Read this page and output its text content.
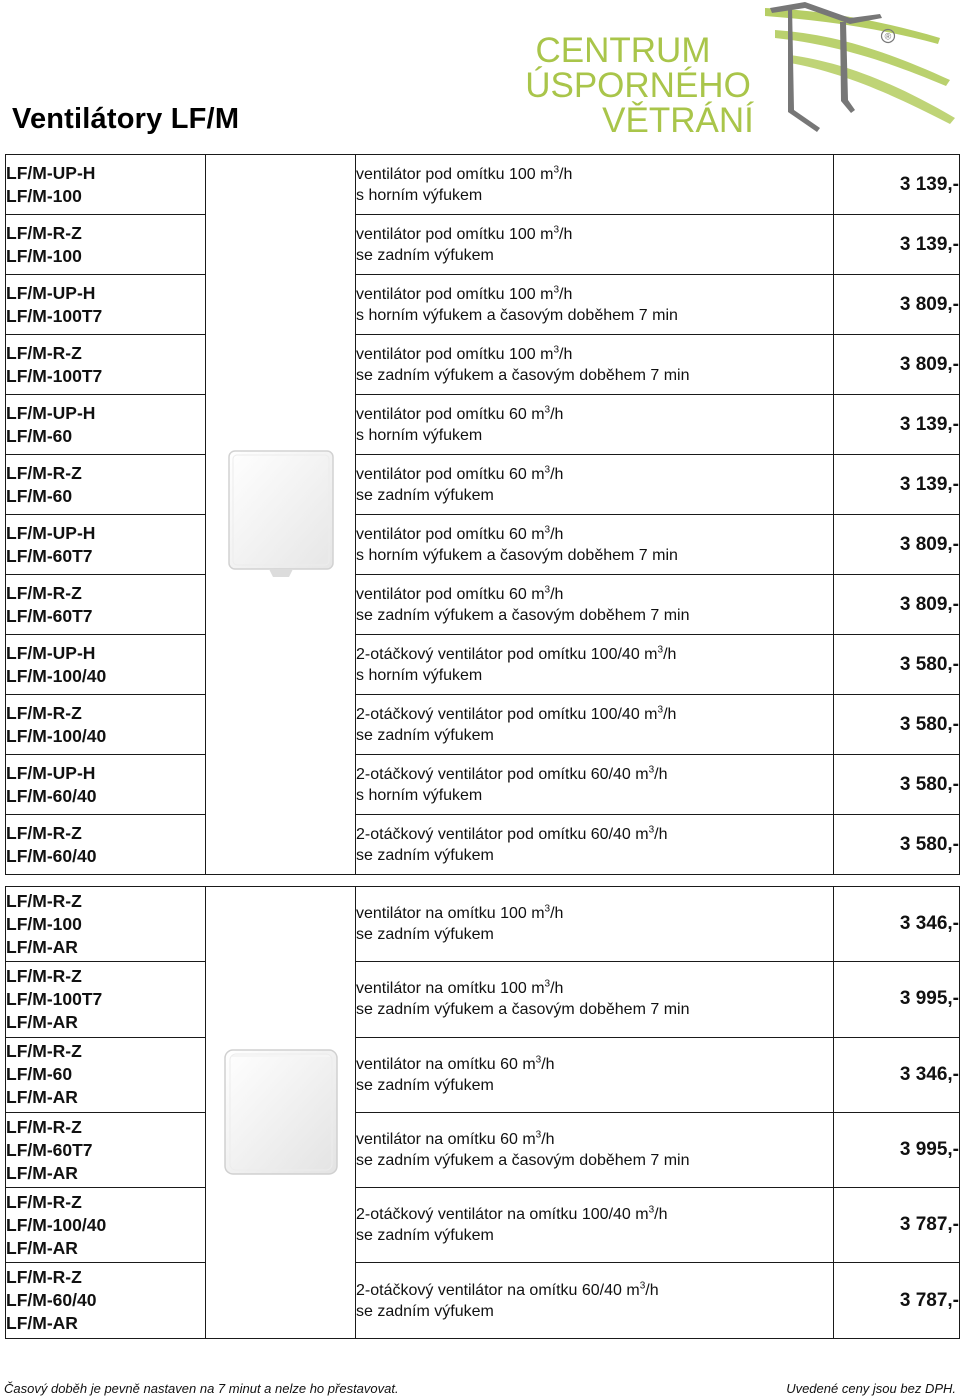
®
CENTRUM
ÚSPORNÉHO
VĚTRÁNÍ
Ventilátory LF/M
LF/M-UP-H
LF/M-100		ventilátor pod omítku 100 $m^3/h$
s horním výfukem	3 139,-

LF/M-R-Z
LF/M-100		ventilátor pod omítku 100 $m^3/h$
se zadním výfukem	3 139,-

LF/M-UP-H
LF/M-100T7		ventilátor pod omítku 100 $m^3/h$
s horním výfukem a časovým doběhem 7 min	3 809,-

LF/M-R-Z
LF/M-100T7		ventilátor pod omítku 100 $m^3/h$
se zadním výfukem a časovým doběhem 7 min	3 809,-

LF/M-UP-H
LF/M-60		ventilátor pod omítku 60 $m^3/h$
s horním výfukem	3 139,-

LF/M-R-Z
LF/M-60		ventilátor pod omítku 60 $m^3/h$
se zadním výfukem	3 139,-

LF/M-UP-H
LF/M-60T7		ventilátor pod omítku 60 $m^3/h$
s horním výfukem a časovým doběhem 7 min	3 809,-

LF/M-R-Z
LF/M-60T7		ventilátor pod omítku 60 $m^3/h$
se zadním výfukem a časovým doběhem 7 min	3 809,-

LF/M-UP-H
LF/M-100/40		2-otáčkový ventilátor pod omítku 100/40 $m^3/h$
s horním výfukem	3 580,-

LF/M-R-Z
LF/M-100/40		2-otáčkový ventilátor pod omítku 100/40 $m^3/h$
se zadním výfukem	3 580,-

LF/M-UP-H
LF/M-60/40		2-otáčkový ventilátor pod omítku 60/40 $m^3/h$
s horním výfukem	3 580,-

LF/M-R-Z
LF/M-60/40		2-otáčkový ventilátor pod omítku 60/40 $m^3/h$
se zadním výfukem	3 580,-
LF/M-R-Z
LF/M-100
LF/M-AR		ventilátor na omítku 100 $m^3/h$
se zadním výfukem	3 346,-

LF/M-R-Z
LF/M-100T7
LF/M-AR		ventilátor na omítku 100 $m^3/h$
se zadním výfukem a časovým doběhem 7 min	3 995,-

LF/M-R-Z
LF/M-60
LF/M-AR		ventilátor na omítku 60 $m^3/h$
se zadním výfukem	3 346,-

LF/M-R-Z
LF/M-60T7
LF/M-AR		ventilátor na omítku 60 $m^3/h$
se zadním výfukem a časovým doběhem 7 min	3 995,-

LF/M-R-Z
LF/M-100/40
LF/M-AR		2-otáčkový ventilátor na omítku 100/40 $m^3/h$
se zadním výfukem	3 787,-

LF/M-R-Z
LF/M-60/40
LF/M-AR		2-otáčkový ventilátor na omítku 60/40 $m^3/h$
se zadním výfukem	3 787,-
Časový doběh je pevně nastaven na 7 minut a nelze ho přestavovat.	Uvedené ceny jsou bez DPH.
